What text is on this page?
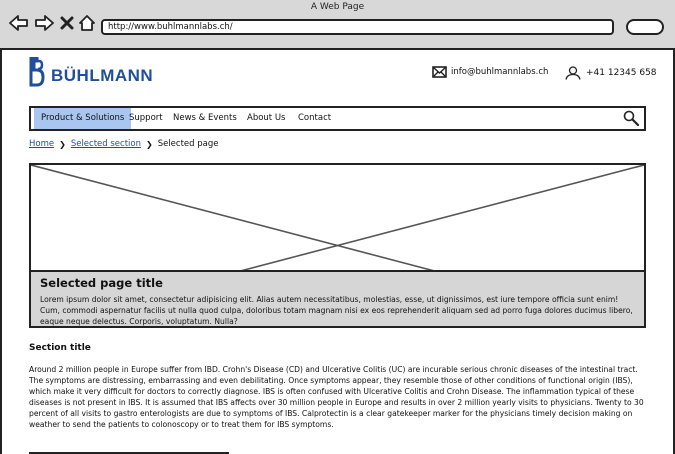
A Web Page
http://www.buhlmannlabs.ch/
BÜHLMANN	info@buhlmannlabs.ch	+41 12345 658
Product & Solutions Support News & Events About Us Contact
Home ❯ Selected section ❯ Selected page
Selected page title
Lorem ipsum dolor sit amet, consectetur adipisicing elit. Alias autem necessitatibus, molestias, esse, ut dignissimos, est iure tempore officia sunt enim! Cum, commodi aspernatur facilis ut nulla quod culpa, doloribus totam magnam nisi ex eos reprehenderit aliquam sed ad porro fuga dolores ducimus libero, eaque neque delectus. Corporis, voluptatum. Nulla?
Section title
Around 2 million people in Europe suffer from IBD. Crohn's Disease (CD) and Ulcerative Colitis (UC) are incurable serious chronic diseases of the intestinal tract. The symptoms are distressing, embarrassing and even debilitating. Once symptoms appear, they resemble those of other conditions of functional origin (IBS), which make it very difficult for doctors to correctly diagnose. IBS is often confused with Ulcerative Colitis and Crohn Disease. The inflammation typical of these diseases is not present in IBS. It is assumed that IBS affects over 30 million people in Europe and results in over 2 million yearly visits to physicians. Twenty to 30 percent of all visits to gastro enterologists are due to symptoms of IBS. Calprotectin is a clear gatekeeper marker for the physicians timely decision making on weather to send the patients to colonoscopy or to treat them for IBS symptoms.
